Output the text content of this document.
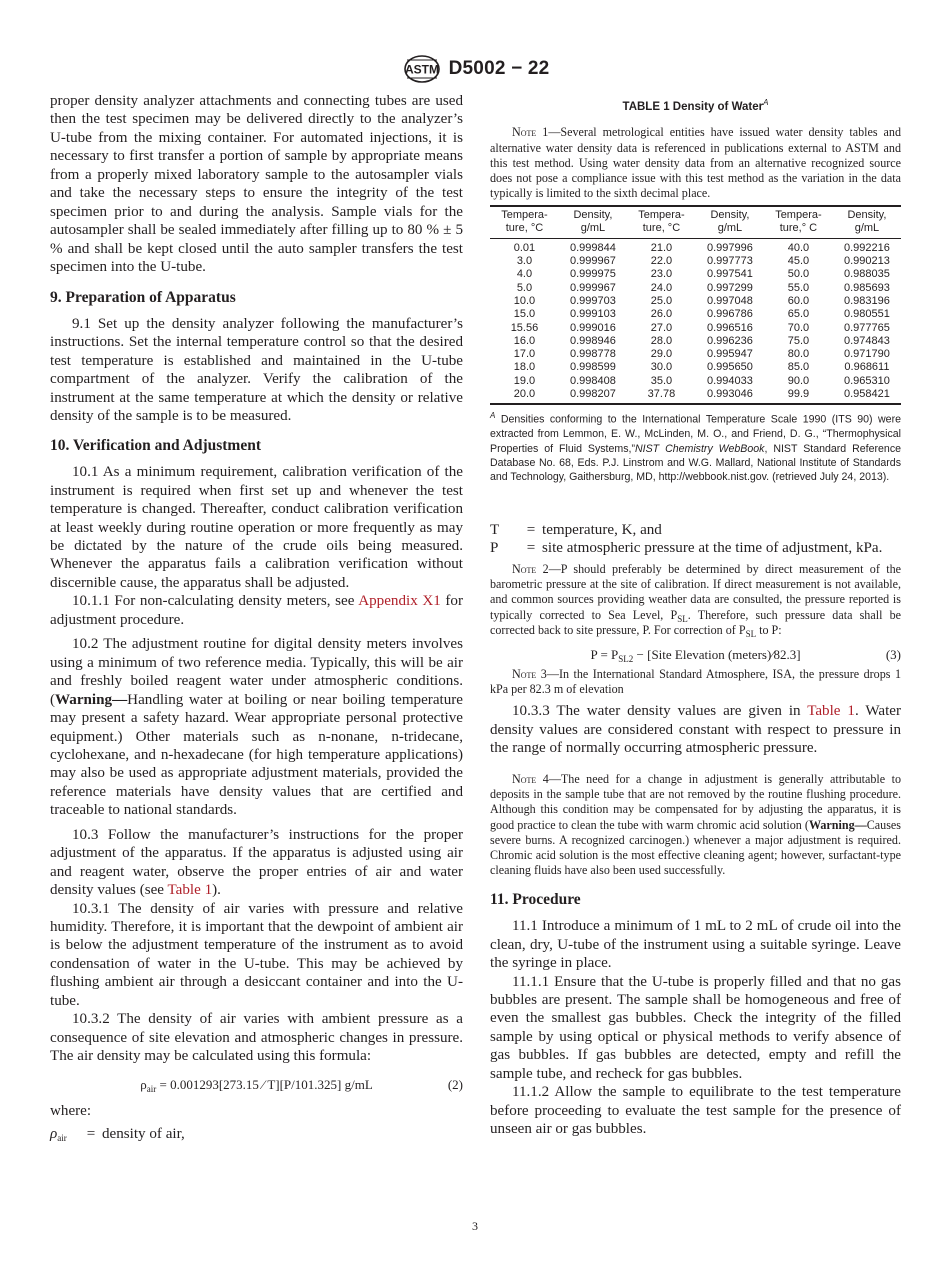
ASTM D5002 − 22

proper density analyzer attachments and connecting tubes are used then the test specimen may be delivered directly to the analyzer’s U-tube from the mixing container. For automated injections, it is necessary to first transfer a portion of sample by appropriate means from a properly mixed laboratory sample to the autosampler vials and take the necessary steps to ensure the integrity of the test specimen prior to and during the analysis. Sample vials for the autosampler shall be sealed immediately after filling up to 80 % ± 5 % and shall be kept closed until the auto sampler transfers the test specimen into the U-tube.

9. Preparation of Apparatus

9.1 Set up the density analyzer following the manufacturer’s instructions. Set the internal temperature control so that the desired test temperature is established and maintained in the U-tube compartment of the analyzer. Verify the calibration of the instrument at the same temperature at which the density or relative density of the sample is to be measured.

10. Verification and Adjustment

10.1 As a minimum requirement, calibration verification of the instrument is required when first set up and whenever the test temperature is changed. Thereafter, conduct calibration verification at least weekly during routine operation or more frequently as may be dictated by the nature of the crude oils being measured. Whenever the apparatus fails a calibration verification without discernible cause, the apparatus shall be adjusted.

10.1.1 For non-calculating density meters, see Appendix X1 for adjustment procedure.

10.2 The adjustment routine for digital density meters involves using a minimum of two reference media. Typically, this will be air and freshly boiled reagent water under atmospheric conditions. (Warning—Handling water at boiling or near boiling temperature may present a safety hazard. Wear appropriate personal protective equipment.) Other materials such as n-nonane, n-tridecane, cyclohexane, and n-hexadecane (for high temperature applications) may also be used as appropriate adjustment materials, provided the reference materials have density values that are certified and traceable to national standards.

10.3 Follow the manufacturer’s instructions for the proper adjustment of the apparatus. If the apparatus is adjusted using air and reagent water, observe the proper entries of air and water density values (see Table 1).

10.3.1 The density of air varies with pressure and relative humidity. Therefore, it is important that the dewpoint of ambient air is below the adjustment temperature of the instrument as to avoid condensation of water in the U-tube. This may be achieved by flushing ambient air through a desiccant container and into the U-tube.

10.3.2 The density of air varies with ambient pressure as a consequence of site elevation and atmospheric changes in pressure. The air density may be calculated using this formula:

$\rho_{air} = 0.001293[273.15$ ⁄ T][P/101.325] g/mL	(2)

where:

$\rho_{air}$	= density of air,
TABLE 1 Density of Water$^A$

Note 1—Several metrological entities have issued water density tables and alternative water density data is referenced in publications external to ASTM and this test method. Using water density data from an alternative recognized source does not pose a compliance issue with this test method as the variation in the data typically is limited to the sixth decimal place.

Tempera-
ture, °C	Density,
g/mL	Tempera-
ture, °C	Density,
g/mL	Tempera-
ture,° C	Density,
g/mL
0.01	0.999844	21.0	0.997996	40.0	0.992216
3.0	0.999967	22.0	0.997773	45.0	0.990213
4.0	0.999975	23.0	0.997541	50.0	0.988035
5.0	0.999967	24.0	0.997299	55.0	0.985693
10.0	0.999703	25.0	0.997048	60.0	0.983196
15.0	0.999103	26.0	0.996786	65.0	0.980551
15.56	0.999016	27.0	0.996516	70.0	0.977765
16.0	0.998946	28.0	0.996236	75.0	0.974843
17.0	0.998778	29.0	0.995947	80.0	0.971790
18.0	0.998599	30.0	0.995650	85.0	0.968611
19.0	0.998408	35.0	0.994033	90.0	0.965310
20.0	0.998207	37.78	0.993046	99.9	0.958421

$^A$ Densities conforming to the International Temperature Scale 1990 (ITS 90) were extracted from Lemmon, E. W., McLinden, M. O., and Friend, D. G., “Thermophysical Properties of Fluid Systems,”NIST Chemistry WebBook, NIST Standard Reference Database No. 68, Eds. P.J. Linstrom and W.G. Mallard, National Institute of Standards and Technology, Gaithersburg, MD, http://webbook.nist.gov. (retrieved July 24, 2013).

T	= temperature, K, and
P	= site atmospheric pressure at the time of adjustment, kPa.

Note 2—P should preferably be determined by direct measurement of the barometric pressure at the site of calibration. If direct measurement is not available, and common sources providing weather data are consulted, the pressure reported is typically corrected to Sea Level, $P_{SL}$. Therefore, such pressure data shall be corrected back to site pressure, P. For correction of $P_{SL}$ to P:

$P = P_{SL2}$ − [Site Elevation (meters)⁄82.3]	(3)

Note 3—In the International Standard Atmosphere, ISA, the pressure drops 1 kPa per 82.3 m of elevation

10.3.3 The water density values are given in Table 1. Water density values are considered constant with respect to pressure in the range of normally occurring atmospheric pressure.

Note 4—The need for a change in adjustment is generally attributable to deposits in the sample tube that are not removed by the routine flushing procedure. Although this condition may be compensated for by adjusting the apparatus, it is good practice to clean the tube with warm chromic acid solution (Warning—Causes severe burns. A recognized carcinogen.) whenever a major adjustment is required. Chromic acid solution is the most effective cleaning agent; however, surfactant-type cleaning fluids have also been used successfully.

11. Procedure

11.1 Introduce a minimum of 1 mL to 2 mL of crude oil into the clean, dry, U-tube of the instrument using a suitable syringe. Leave the syringe in place.

11.1.1 Ensure that the U-tube is properly filled and that no gas bubbles are present. The sample shall be homogeneous and free of even the smallest gas bubbles. Check the integrity of the filled sample by using optical or physical methods to verify absence of gas bubbles. If gas bubbles are detected, empty and refill the sample tube, and recheck for gas bubbles.

11.1.2 Allow the sample to equilibrate to the test temperature before proceeding to evaluate the test sample for the presence of unseen air or gas bubbles.

3
